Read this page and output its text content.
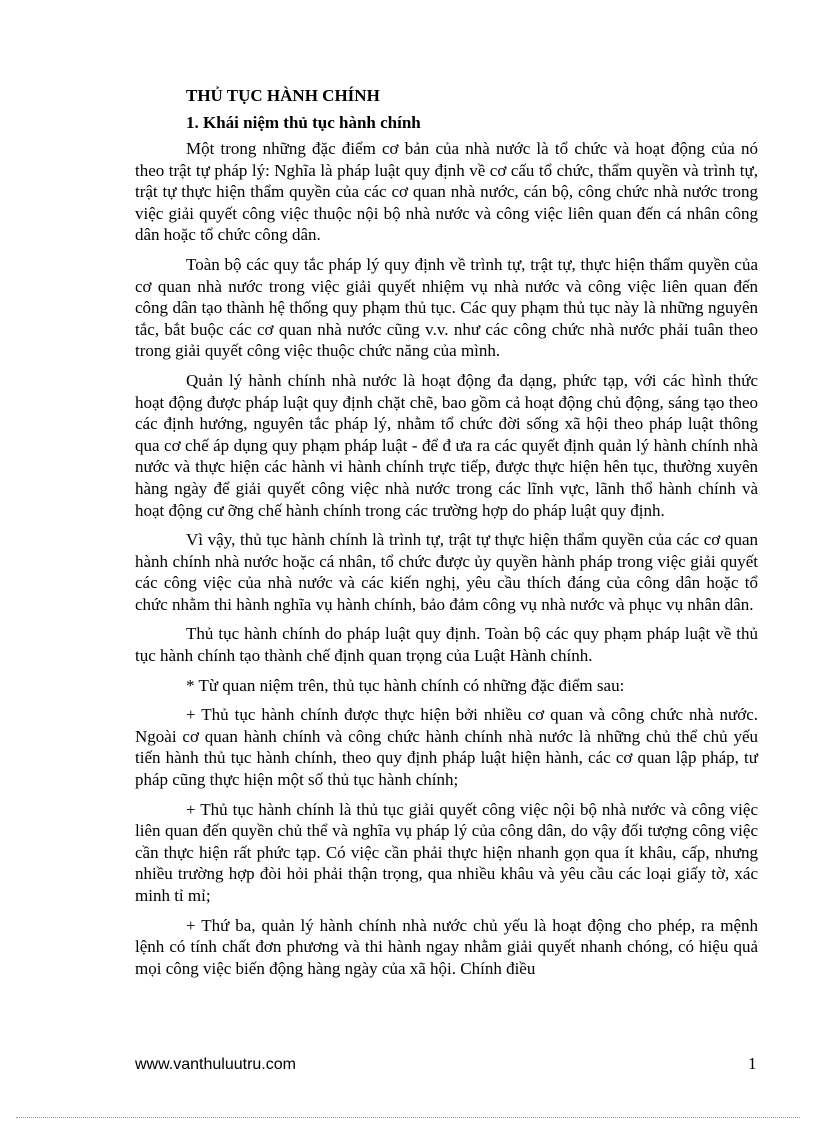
THỦ TỤC HÀNH CHÍNH
1. Khái niệm thủ tục hành chính

Một trong những đặc điểm cơ bản của nhà nước là tổ chức và hoạt động của nó theo trật tự pháp lý: Nghĩa là pháp luật quy định về cơ cấu tổ chức, thẩm quyền và trình tự, trật tự thực hiện thẩm quyền của các cơ quan nhà nước, cán bộ, công chức nhà nước trong việc giải quyết công việc thuộc nội bộ nhà nước và công việc liên quan đến cá nhân công dân hoặc tổ chức công dân.

Toàn bộ các quy tắc pháp lý quy định về trình tự, trật tự, thực hiện thẩm quyền của cơ quan nhà nước trong việc giải quyết nhiệm vụ nhà nước và công việc liên quan đến công dân tạo thành hệ thống quy phạm thủ tục. Các quy phạm thủ tục này là những nguyên tắc, bắt buộc các cơ quan nhà nước cũng v.v. như các công chức nhà nước phải tuân theo trong giải quyết công việc thuộc chức năng của mình.

Quản lý hành chính nhà nước là hoạt động đa dạng, phức tạp, với các hình thức hoạt động được pháp luật quy định chặt chẽ, bao gồm cả hoạt động chủ động, sáng tạo theo các định hướng, nguyên tắc pháp lý, nhằm tổ chức đời sống xã hội theo pháp luật thông qua cơ chế áp dụng quy phạm pháp luật - để đ ưa ra các quyết định quản lý hành chính nhà nước và thực hiện các hành vi hành chính trực tiếp, được thực hiện hên tục, thường xuyên hàng ngày để giải quyết công việc nhà nước trong các lĩnh vực, lãnh thổ hành chính và hoạt động cư ỡng chế hành chính trong các trường hợp do pháp luật quy định.

Vì vậy, thủ tục hành chính là trình tự, trật tự thực hiện thẩm quyền của các cơ quan hành chính nhà nước hoặc cá nhân, tổ chức được ủy quyền hành pháp trong việc giải quyết các công việc của nhà nước và các kiến nghị, yêu cầu thích đáng của công dân hoặc tổ chức nhằm thi hành nghĩa vụ hành chính, bảo đảm công vụ nhà nước và phục vụ nhân dân.

Thủ tục hành chính do pháp luật quy định. Toàn bộ các quy phạm pháp luật về thủ tục hành chính tạo thành chế định quan trọng của Luật Hành chính.

* Từ quan niệm trên, thủ tục hành chính có những đặc điểm sau:

+ Thủ tục hành chính được thực hiện bởi nhiều cơ quan và công chức nhà nước. Ngoài cơ quan hành chính và công chức hành chính nhà nước là những chủ thể chủ yếu tiến hành thủ tục hành chính, theo quy định pháp luật hiện hành, các cơ quan lập pháp, tư pháp cũng thực hiện một số thủ tục hành chính;

+ Thủ tục hành chính là thủ tục giải quyết công việc nội bộ nhà nước và công việc liên quan đến quyền chủ thể và nghĩa vụ pháp lý của công dân, do vậy đối tượng công việc cần thực hiện rất phức tạp. Có việc cần phải thực hiện nhanh gọn qua ít khâu, cấp, nhưng nhiều trường hợp đòi hỏi phải thận trọng, qua nhiều khâu và yêu cầu các loại giấy tờ, xác minh tỉ mỉ;

+ Thứ ba, quản lý hành chính nhà nước chủ yếu là hoạt động cho phép, ra mệnh lệnh có tính chất đơn phương và thi hành ngay nhằm giải quyết nhanh chóng, có hiệu quả mọi công việc biến động hàng ngày của xã hội. Chính điều

www.vanthuluutru.com	1
